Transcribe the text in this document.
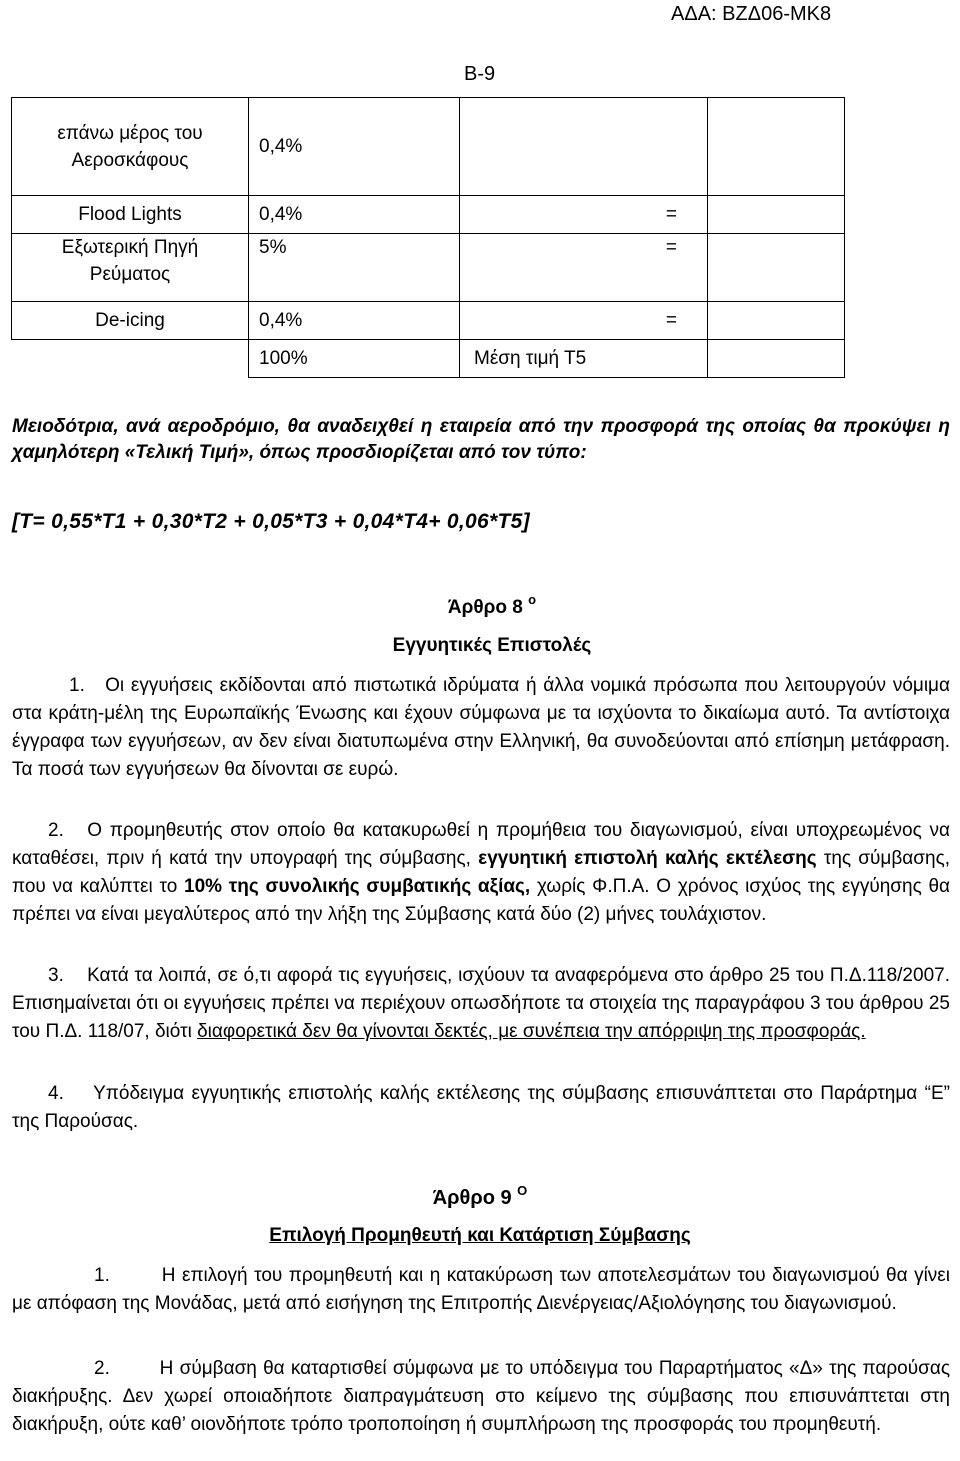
ΑΔΑ: ΒΖΔ06-ΜΚ8
Β-9
επάνω μέρος του Αεροσκάφους	0,4%		
Flood Lights	0,4%	=	
Εξωτερική Πηγή Ρεύματος	5%	=	
De-icing	0,4%	=	
	100%	Μέση τιμή Τ5	
Μειοδότρια, ανά αεροδρόμιο, θα αναδειχθεί η εταιρεία από την προσφορά της οποίας θα προκύψει η χαμηλότερη «Τελική Τιμή», όπως προσδιορίζεται από τον τύπο:
[Τ= 0,55*Τ1 + 0,30*Τ2 + 0,05*Τ3 + 0,04*Τ4+ 0,06*Τ5]
Άρθρο 8 $^o$
Εγγυητικές Επιστολές
1. Οι εγγυήσεις εκδίδονται από πιστωτικά ιδρύματα ή άλλα νομικά πρόσωπα που λειτουργούν νόμιμα στα κράτη-μέλη της Ευρωπαϊκής Ένωσης και έχουν σύμφωνα με τα ισχύοντα το δικαίωμα αυτό. Τα αντίστοιχα έγγραφα των εγγυήσεων, αν δεν είναι διατυπωμένα στην Ελληνική, θα συνοδεύονται από επίσημη μετάφραση. Τα ποσά των εγγυήσεων θα δίνονται σε ευρώ.
2. Ο προμηθευτής στον οποίο θα κατακυρωθεί η προμήθεια του διαγωνισμού, είναι υποχρεωμένος να καταθέσει, πριν ή κατά την υπογραφή της σύμβασης, εγγυητική επιστολή καλής εκτέλεσης της σύμβασης, που να καλύπτει το 10% της συνολικής συμβατικής αξίας, χωρίς Φ.Π.Α. Ο χρόνος ισχύος της εγγύησης θα πρέπει να είναι μεγαλύτερος από την λήξη της Σύμβασης κατά δύο (2) μήνες τουλάχιστον.
3. Κατά τα λοιπά, σε ό,τι αφορά τις εγγυήσεις, ισχύουν τα αναφερόμενα στο άρθρο 25 του Π.Δ.118/2007. Επισημαίνεται ότι οι εγγυήσεις πρέπει να περιέχουν οπωσδήποτε τα στοιχεία της παραγράφου 3 του άρθρου 25 του Π.Δ. 118/07, διότι διαφορετικά δεν θα γίνονται δεκτές, με συνέπεια την απόρριψη της προσφοράς.
4. Υπόδειγμα εγγυητικής επιστολής καλής εκτέλεσης της σύμβασης επισυνάπτεται στο Παράρτημα “Ε” της Παρούσας.
Άρθρο 9 $^O$
Επιλογή Προμηθευτή και Κατάρτιση Σύμβασης
1.	Η επιλογή του προμηθευτή και η κατακύρωση των αποτελεσμάτων του διαγωνισμού θα γίνει με απόφαση της Μονάδας, μετά από εισήγηση της Επιτροπής Διενέργειας/Αξιολόγησης του διαγωνισμού.
2.	Η σύμβαση θα καταρτισθεί σύμφωνα με το υπόδειγμα του Παραρτήματος «Δ» της παρούσας διακήρυξης. Δεν χωρεί οποιαδήποτε διαπραγμάτευση στο κείμενο της σύμβασης που επισυνάπτεται στη διακήρυξη, ούτε καθ’ οιονδήποτε τρόπο τροποποίηση ή συμπλήρωση της προσφοράς του προμηθευτή.
